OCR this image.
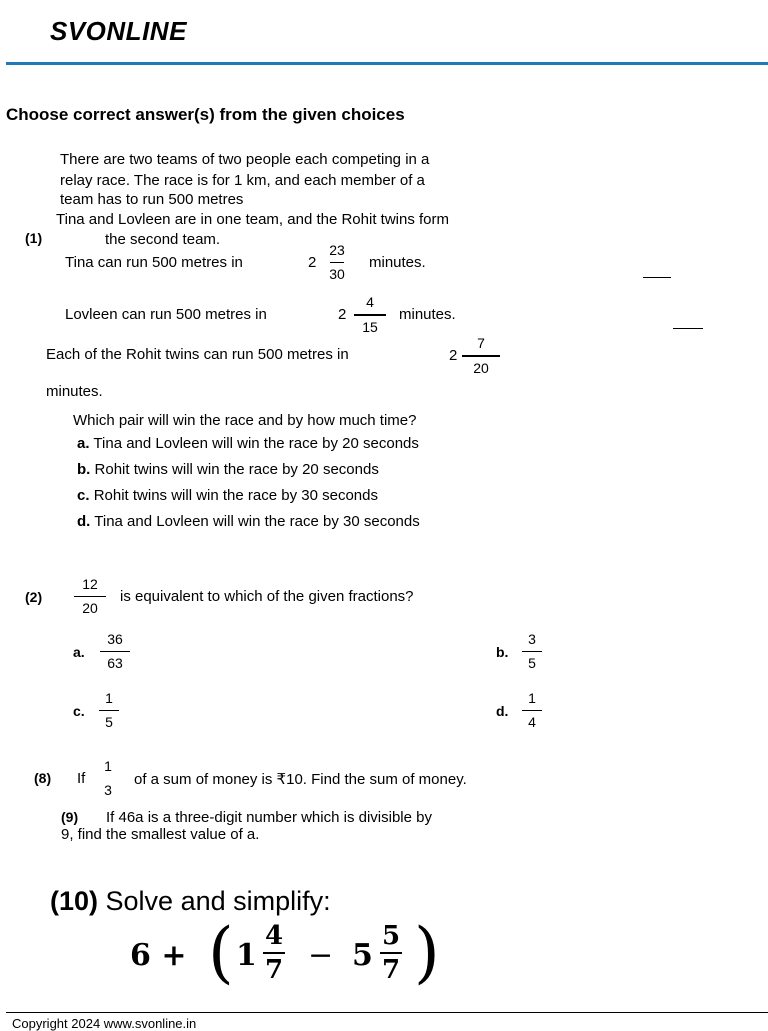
SVONLINE
Choose correct answer(s) from the given choices
There are two teams of two people each competing in a
relay race. The race is for 1 km, and each member of a
team has to run 500 metres
Tina and Lovleen are in one team, and the Rohit twins form
(1)	the second team.
Tina can run 500 metres in	2
23
30
minutes.
Lovleen can run 500 metres in	2
4
15
minutes.
Each of the Rohit twins can run 500 metres in	2
7
20
minutes.
Which pair will win the race and by how much time?
a. Tina and Lovleen will win the race by 20 seconds
b. Rohit twins will win the race by 20 seconds
c. Rohit twins will win the race by 30 seconds
d. Tina and Lovleen will win the race by 30 seconds
(2)
12
20
is equivalent to which of the given fractions?
a.
36
63
b.
3
5
c.
1
5
d.
1
4
(8) If
1
3
of a sum of money is ₹10. Find the sum of money.
(9) If 46a is a three-digit number which is divisible by
9, find the smallest value of a.
(10) Solve and simplify:
6 + ( 1
4
7 − 5
5
7 )
Copyright 2024 www.svonline.in
